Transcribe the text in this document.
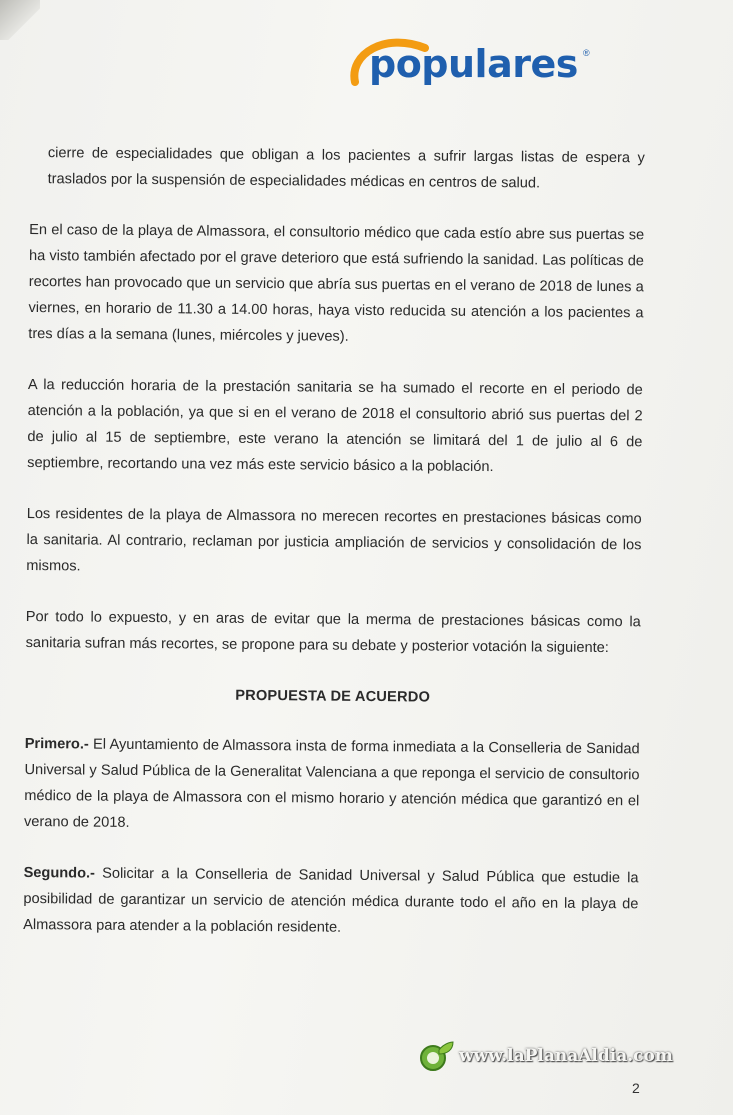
populares ®

cierre de especialidades que obligan a los pacientes a sufrir largas listas de espera y traslados por la suspensión de especialidades médicas en centros de salud.

En el caso de la playa de Almassora, el consultorio médico que cada estío abre sus puertas se ha visto también afectado por el grave deterioro que está sufriendo la sanidad. Las políticas de recortes han provocado que un servicio que abría sus puertas en el verano de 2018 de lunes a viernes, en horario de 11.30 a 14.00 horas, haya visto reducida su atención a los pacientes a tres días a la semana (lunes, miércoles y jueves).

A la reducción horaria de la prestación sanitaria se ha sumado el recorte en el periodo de atención a la población, ya que si en el verano de 2018 el consultorio abrió sus puertas del 2 de julio al 15 de septiembre, este verano la atención se limitará del 1 de julio al 6 de septiembre, recortando una vez más este servicio básico a la población.

Los residentes de la playa de Almassora no merecen recortes en prestaciones básicas como la sanitaria. Al contrario, reclaman por justicia ampliación de servicios y consolidación de los mismos.

Por todo lo expuesto, y en aras de evitar que la merma de prestaciones básicas como la sanitaria sufran más recortes, se propone para su debate y posterior votación la siguiente:

PROPUESTA DE ACUERDO

Primero.- El Ayuntamiento de Almassora insta de forma inmediata a la Conselleria de Sanidad Universal y Salud Pública de la Generalitat Valenciana a que reponga el servicio de consultorio médico de la playa de Almassora con el mismo horario y atención médica que garantizó en el verano de 2018.

Segundo.- Solicitar a la Conselleria de Sanidad Universal y Salud Pública que estudie la posibilidad de garantizar un servicio de atención médica durante todo el año en la playa de Almassora para atender a la población residente.

www.laPlanaAldia.com
2
